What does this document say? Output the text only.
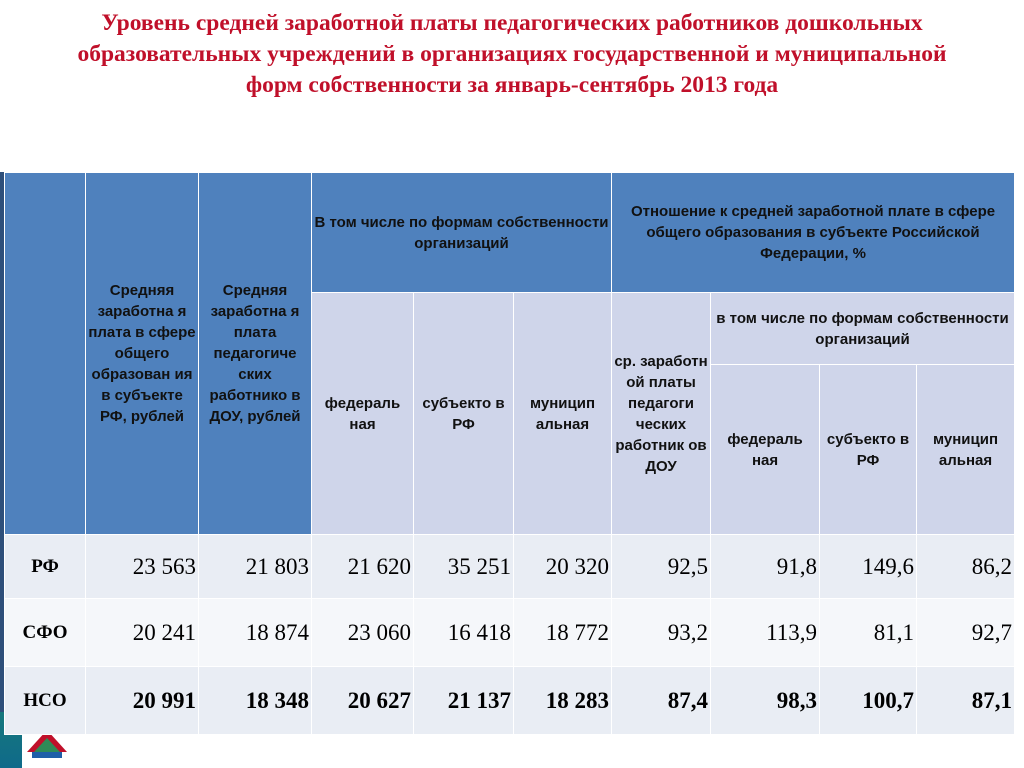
Уровень средней заработной платы педагогических работников дошкольных образовательных учреждений в организациях государственной и муниципальной форм собственности за январь-сентябрь 2013 года
	Средняя заработна я плата в сфере общего образован ия в субъекте РФ, рублей	Средняя заработна я плата педагогиче ских работнико в ДОУ, рублей	В том числе по формам собственности организаций			Отношение к средней заработной плате в сфере общего образования в субъекте Российской Федерации, %			
			федераль ная	субъекто в РФ	муницип альная	ср. заработн ой платы педагоги ческих работник ов ДОУ	в том числе по формам собственности организаций		
							федераль ная	субъекто в РФ	муницип альная
РФ	23 563	21 803	21 620	35 251	20 320	92,5	91,8	149,6	86,2
СФО	20 241	18 874	23 060	16 418	18 772	93,2	113,9	81,1	92,7
НСО	20 991	18 348	20 627	21 137	18 283	87,4	98,3	100,7	87,1
